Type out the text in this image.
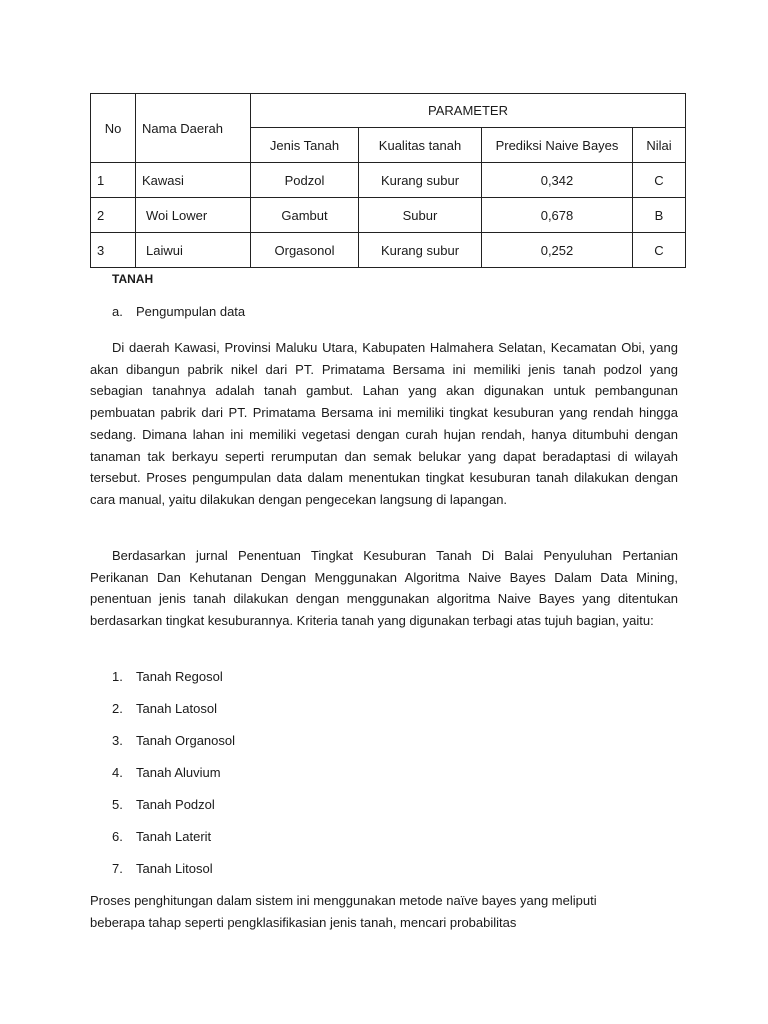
No	Nama Daerah	PARAMETER			
		Jenis Tanah	Kualitas tanah	Prediksi Naive Bayes	Nilai
1	Kawasi	Podzol	Kurang subur	0,342	C
2	Woi Lower	Gambut	Subur	0,678	B
3	Laiwui	Orgasonol	Kurang subur	0,252	C
TANAH
a. Pengumpulan data

Di daerah Kawasi, Provinsi Maluku Utara, Kabupaten Halmahera Selatan, Kecamatan Obi, yang akan dibangun pabrik nikel dari PT. Primatama Bersama ini memiliki jenis tanah podzol yang sebagian tanahnya adalah tanah gambut. Lahan yang akan digunakan untuk pembangunan pembuatan pabrik dari PT. Primatama Bersama ini memiliki tingkat kesuburan yang rendah hingga sedang. Dimana lahan ini memiliki vegetasi dengan curah hujan rendah, hanya ditumbuhi dengan tanaman tak berkayu seperti rerumputan dan semak belukar yang dapat beradaptasi di wilayah tersebut. Proses pengumpulan data dalam menentukan tingkat kesuburan tanah dilakukan dengan cara manual, yaitu dilakukan dengan pengecekan langsung di lapangan.

Berdasarkan jurnal Penentuan Tingkat Kesuburan Tanah Di Balai Penyuluhan Pertanian Perikanan Dan Kehutanan Dengan Menggunakan Algoritma Naive Bayes Dalam Data Mining, penentuan jenis tanah dilakukan dengan menggunakan algoritma Naive Bayes yang ditentukan berdasarkan tingkat kesuburannya. Kriteria tanah yang digunakan terbagi atas tujuh bagian, yaitu:

1. Tanah Regosol
2. Tanah Latosol
3. Tanah Organosol
4. Tanah Aluvium
5. Tanah Podzol
6. Tanah Laterit
7. Tanah Litosol

Proses penghitungan dalam sistem ini menggunakan metode naïve bayes yang meliputi beberapa tahap seperti pengklasifikasian jenis tanah, mencari probabilitas
